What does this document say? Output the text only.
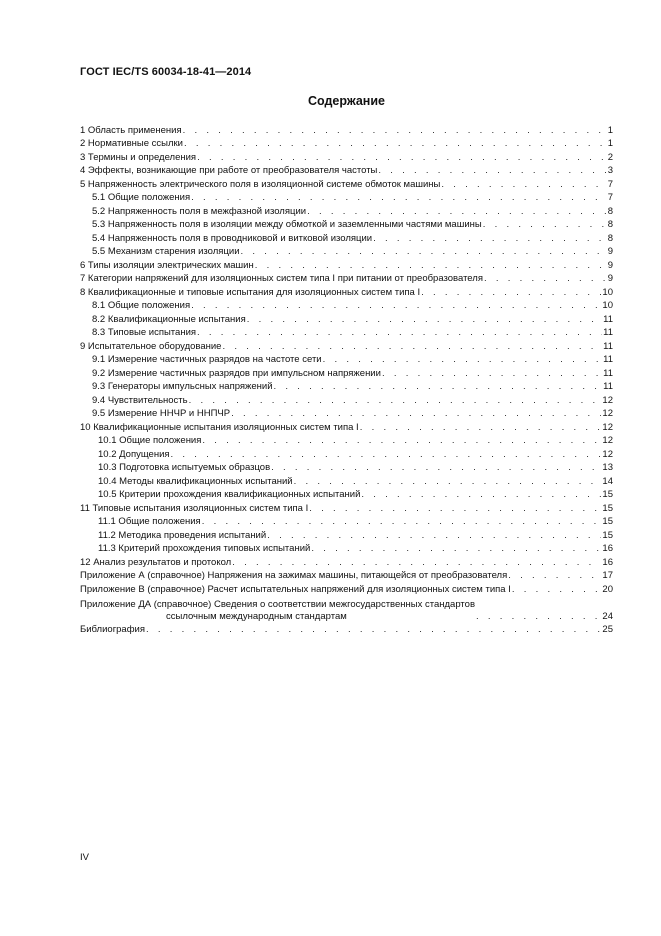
ГОСТ IEC/TS 60034-18-41—2014
Содержание
1 Область применения . . .	1
2 Нормативные ссылки . . .	1
3 Термины и определения . . .	2
4 Эффекты, возникающие при работе от преобразователя частоты . . .	3
5 Напряженность электрического поля в изоляционной системе обмоток машины . . .	7
5.1 Общие положения . . .	7
5.2 Напряженность поля в межфазной изоляции . . .	8
5.3 Напряженность поля в изоляции между обмоткой и заземленными частями машины . . .	8
5.4 Напряженность поля в проводниковой и витковой изоляции . . .	8
5.5 Механизм старения изоляции . . .	9
6 Типы изоляции электрических машин . . .	9
7 Категории напряжений для изоляционных систем типа I при питании от преобразователя . . .	9
8 Квалификационные и типовые испытания для изоляционных систем типа I . . .	10
8.1 Общие положения . . .	10
8.2 Квалификационные испытания . . .	11
8.3 Типовые испытания . . .	11
9 Испытательное оборудование . . .	11
9.1 Измерение частичных разрядов на частоте сети . . .	11
9.2 Измерение частичных разрядов при импульсном напряжении . . .	11
9.3 Генераторы импульсных напряжений . . .	11
9.4 Чувствительность . . .	12
9.5 Измерение ННЧР и ННПЧР . . .	12
10 Квалификационные испытания изоляционных систем типа I . . .	12
10.1 Общие положения . . .	12
10.2 Допущения . . .	12
10.3 Подготовка испытуемых образцов . . .	13
10.4 Методы квалификационных испытаний . . .	14
10.5 Критерии прохождения квалификационных испытаний . . .	15
11 Типовые испытания изоляционных систем типа I . . .	15
11.1 Общие положения . . .	15
11.2 Методика проведения испытаний . . .	15
11.3 Критерий прохождения типовых испытаний . . .	16
12 Анализ результатов и протокол . . .	16
Приложение А (справочное) Напряжения на зажимах машины, питающейся от преобразователя . . .	17
Приложение В (справочное) Расчет испытательных напряжений для изоляционных систем типа I . . .	20
Приложение ДА (справочное) Сведения о соответствии межгосударственных стандартов
ссылочным международным стандартам . . .	24
Библиография . . .	25
IV
